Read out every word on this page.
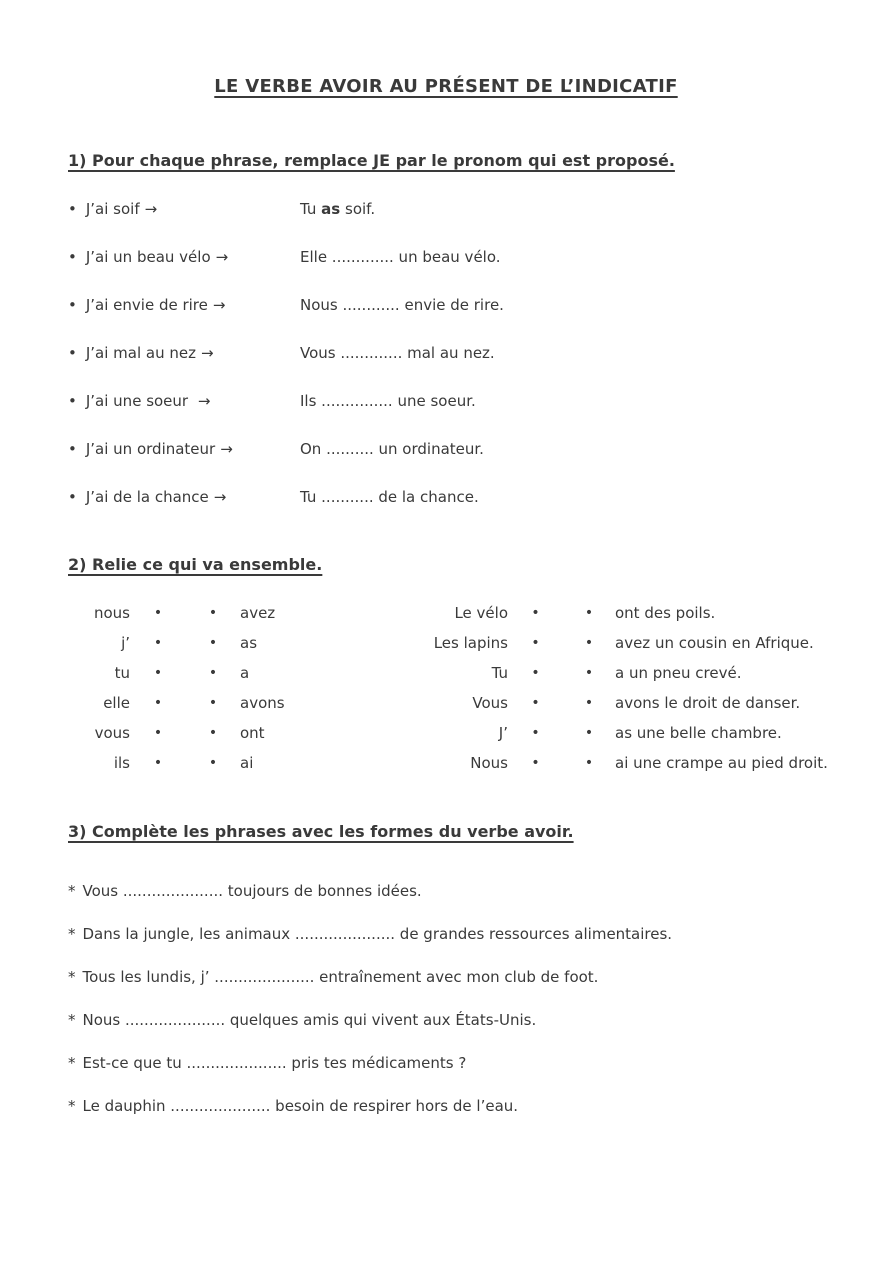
LE VERBE AVOIR AU PRÉSENT DE L’INDICATIF
1) Pour chaque phrase, remplace JE par le pronom qui est proposé.
• J’ai soif →	Tu as soif.
• J’ai un beau vélo →	Elle ............. un beau vélo.
• J’ai envie de rire →	Nous ............ envie de rire.
• J’ai mal au nez →	Vous ............. mal au nez.
• J’ai une soeur →	Ils ............... une soeur.
• J’ai un ordinateur →	On .......... un ordinateur.
• J’ai de la chance →	Tu ........... de la chance.
2) Relie ce qui va ensemble.
nous	•	•	avez	Le vélo	•	•	ont des poils.
j’	•	•	as	Les lapins	•	•	avez un cousin en Afrique.
tu	•	•	a	Tu	•	•	a un pneu crevé.
elle	•	•	avons	Vous	•	•	avons le droit de danser.
vous	•	•	ont	J’	•	•	as une belle chambre.
ils	•	•	ai	Nous	•	•	ai une crampe au pied droit.
3) Complète les phrases avec les formes du verbe avoir.
* Vous ..................... toujours de bonnes idées.
* Dans la jungle, les animaux ..................... de grandes ressources alimentaires.
* Tous les lundis, j’ ..................... entraînement avec mon club de foot.
* Nous ..................... quelques amis qui vivent aux États-Unis.
* Est-ce que tu ..................... pris tes médicaments ?
* Le dauphin ..................... besoin de respirer hors de l’eau.
